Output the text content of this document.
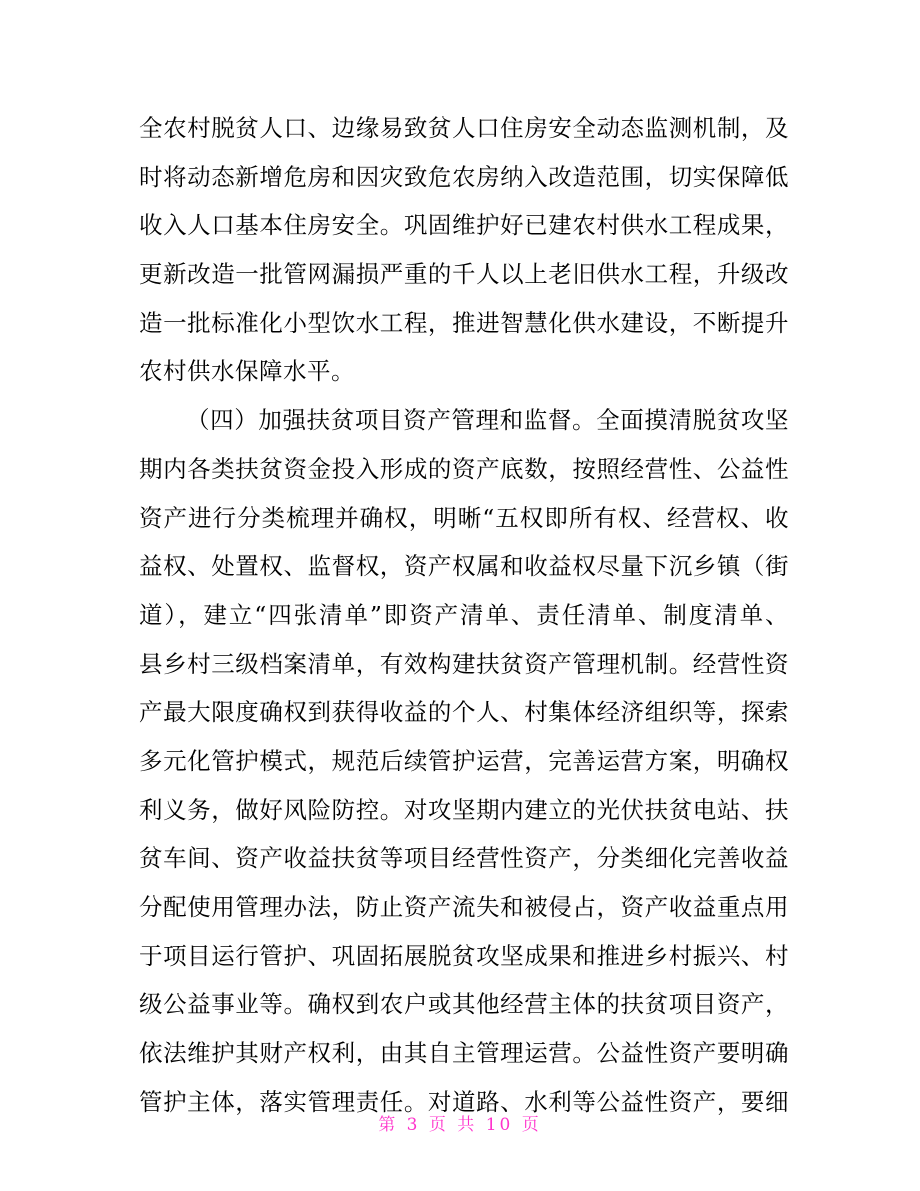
全农村脱贫人口、边缘易致贫人口住房安全动态监测机制，及
时将动态新增危房和因灾致危农房纳入改造范围，切实保障低
收入人口基本住房安全。巩固维护好已建农村供水工程成果，
更新改造一批管网漏损严重的千人以上老旧供水工程，升级改
造一批标准化小型饮水工程，推进智慧化供水建设，不断提升
农村供水保障水平。
（四）加强扶贫项目资产管理和监督。全面摸清脱贫攻坚
期内各类扶贫资金投入形成的资产底数，按照经营性、公益性
资产进行分类梳理并确权，明晰“五权即所有权、经营权、收
益权、处置权、监督权，资产权属和收益权尽量下沉乡镇（街
道），建立“四张清单”即资产清单、责任清单、制度清单、
县乡村三级档案清单，有效构建扶贫资产管理机制。经营性资
产最大限度确权到获得收益的个人、村集体经济组织等，探索
多元化管护模式，规范后续管护运营，完善运营方案，明确权
利义务，做好风险防控。对攻坚期内建立的光伏扶贫电站、扶
贫车间、资产收益扶贫等项目经营性资产，分类细化完善收益
分配使用管理办法，防止资产流失和被侵占，资产收益重点用
于项目运行管护、巩固拓展脱贫攻坚成果和推进乡村振兴、村
级公益事业等。确权到农户或其他经营主体的扶贫项目资产，
依法维护其财产权利，由其自主管理运营。公益性资产要明确
管护主体，落实管理责任。对道路、水利等公益性资产，要细
第 3 页 共 10 页
